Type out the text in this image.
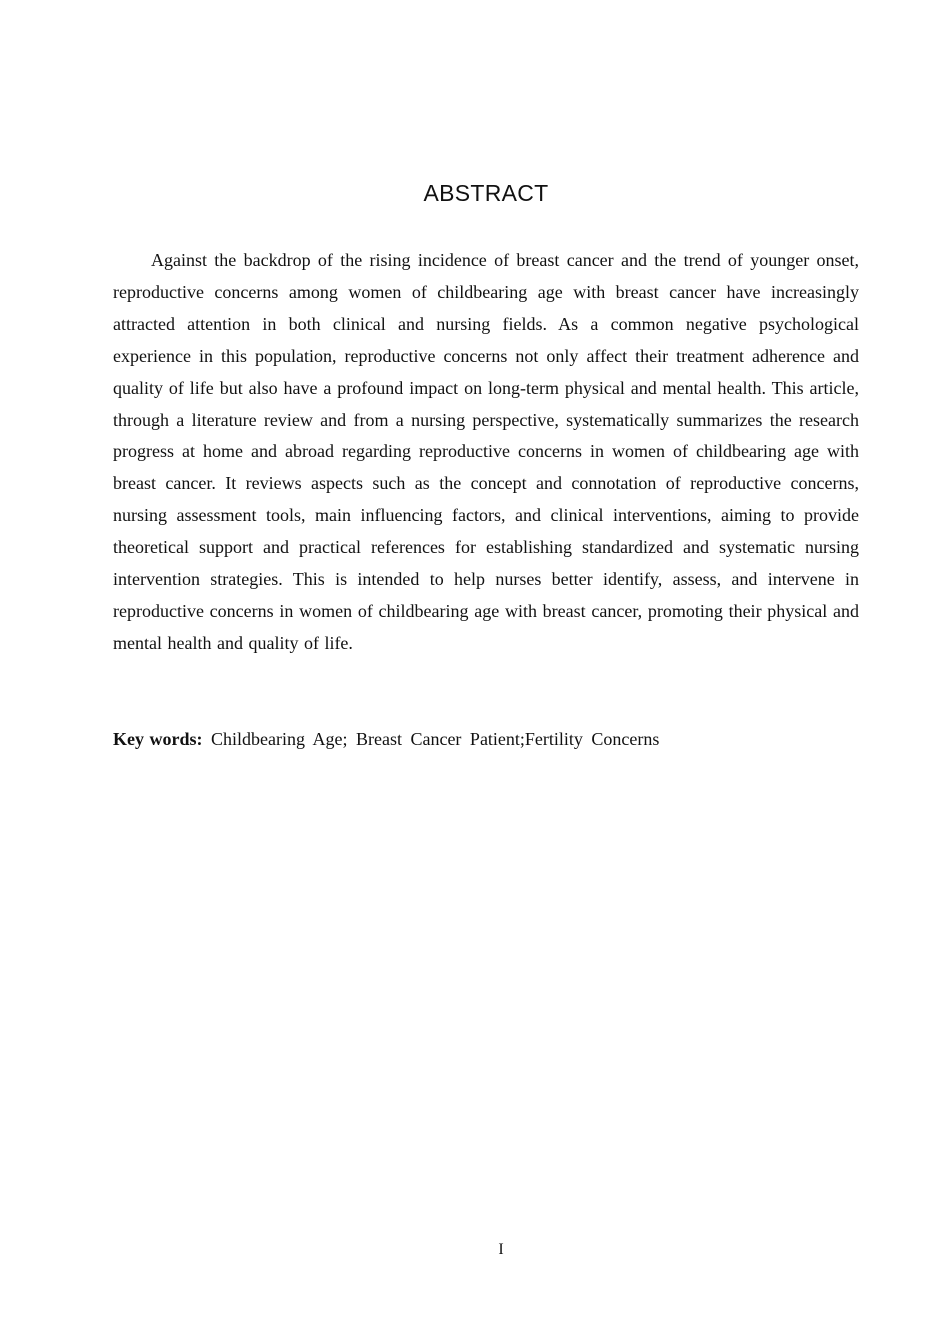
ABSTRACT

Against the backdrop of the rising incidence of breast cancer and the trend of younger onset, reproductive concerns among women of childbearing age with breast cancer have increasingly attracted attention in both clinical and nursing fields. As a common negative psychological experience in this population, reproductive concerns not only affect their treatment adherence and quality of life but also have a profound impact on long-term physical and mental health. This article, through a literature review and from a nursing perspective, systematically summarizes the research progress at home and abroad regarding reproductive concerns in women of childbearing age with breast cancer. It reviews aspects such as the concept and connotation of reproductive concerns, nursing assessment tools, main influencing factors, and clinical interventions, aiming to provide theoretical support and practical references for establishing standardized and systematic nursing intervention strategies. This is intended to help nurses better identify, assess, and intervene in reproductive concerns in women of childbearing age with breast cancer, promoting their physical and mental health and quality of life.

Key words: Childbearing Age; Breast Cancer Patient;Fertility Concerns

I
